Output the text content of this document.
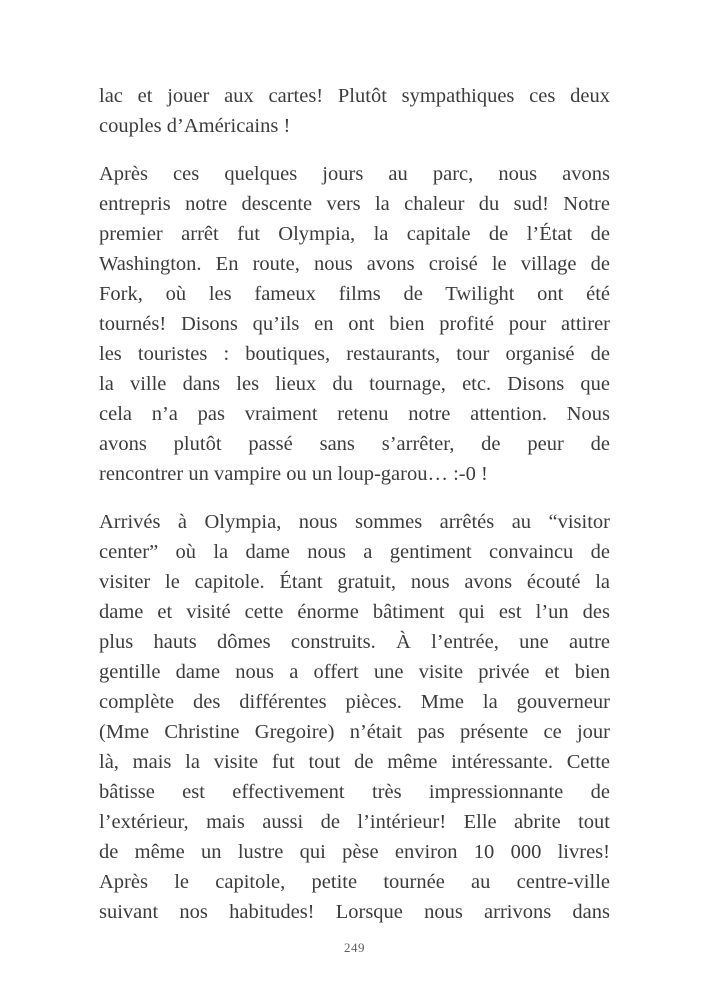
lac et jouer aux cartes! Plutôt sympathiques ces deux
couples d’Américains !
Après ces quelques jours au parc, nous avons
entrepris notre descente vers la chaleur du sud! Notre
premier arrêt fut Olympia, la capitale de l’État de
Washington. En route, nous avons croisé le village de
Fork, où les fameux films de Twilight ont été
tournés! Disons qu’ils en ont bien profité pour attirer
les touristes : boutiques, restaurants, tour organisé de
la ville dans les lieux du tournage, etc. Disons que
cela n’a pas vraiment retenu notre attention. Nous
avons plutôt passé sans s’arrêter, de peur de
rencontrer un vampire ou un loup-garou… :-0 !
Arrivés à Olympia, nous sommes arrêtés au “visitor
center” où la dame nous a gentiment convaincu de
visiter le capitole. Étant gratuit, nous avons écouté la
dame et visité cette énorme bâtiment qui est l’un des
plus hauts dômes construits. À l’entrée, une autre
gentille dame nous a offert une visite privée et bien
complète des différentes pièces. Mme la gouverneur
(Mme Christine Gregoire) n’était pas présente ce jour
là, mais la visite fut tout de même intéressante. Cette
bâtisse est effectivement très impressionnante de
l’extérieur, mais aussi de l’intérieur! Elle abrite tout
de même un lustre qui pèse environ 10 000 livres!
Après le capitole, petite tournée au centre-ville
suivant nos habitudes! Lorsque nous arrivons dans
249
